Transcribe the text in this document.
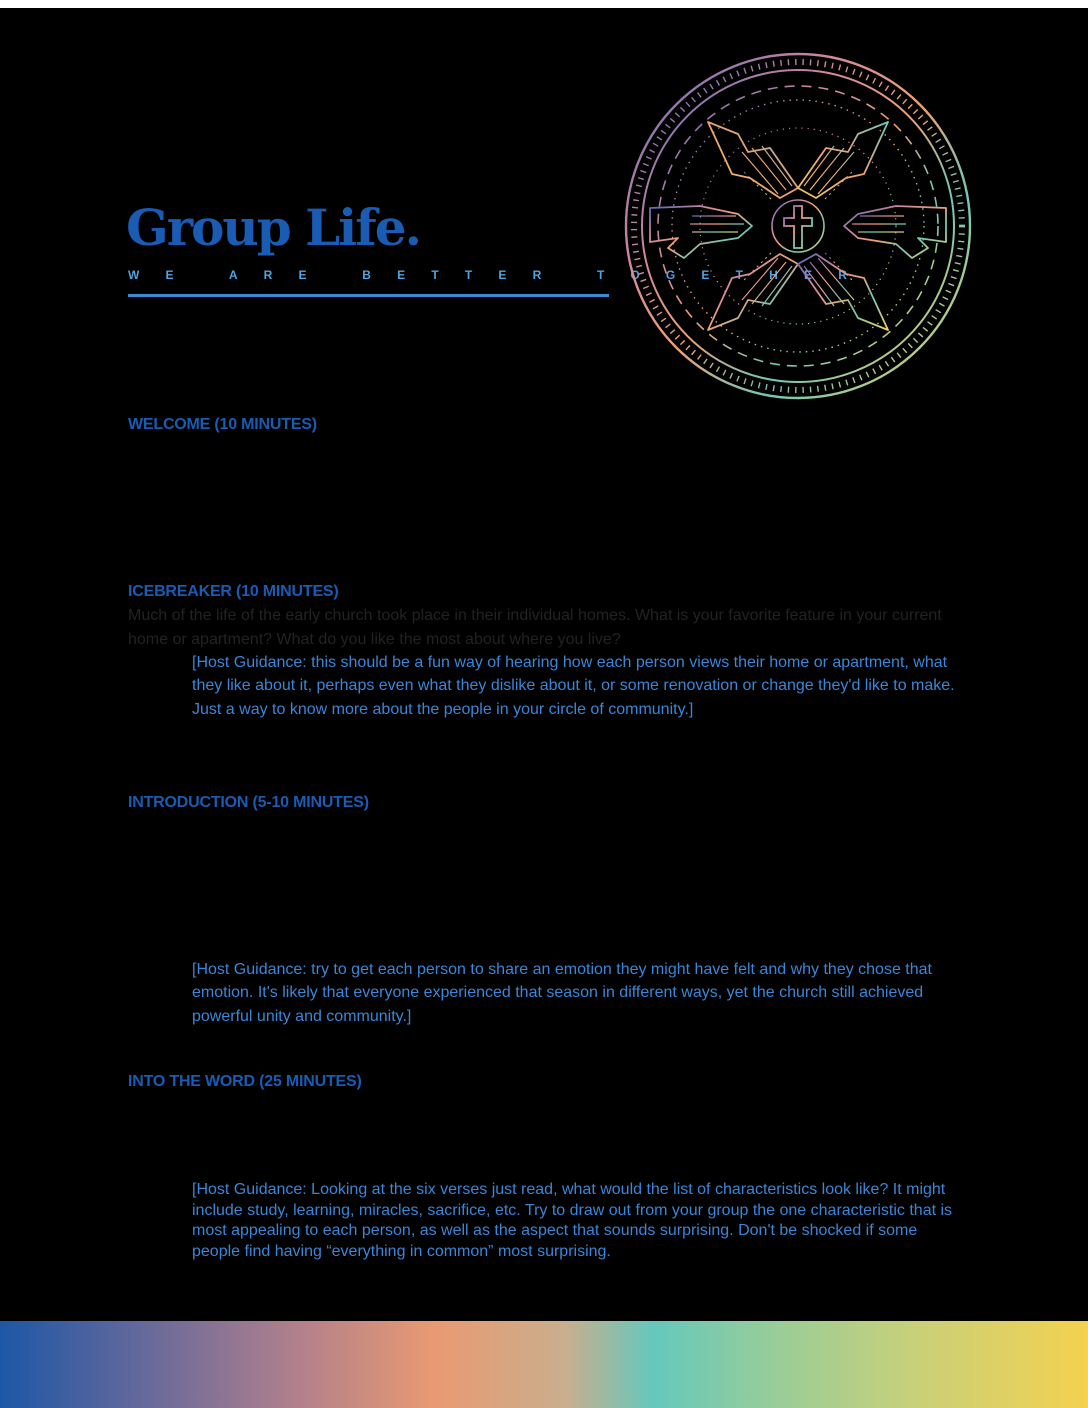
Group Life.

WE ARE BETTER TOGETHER

WELCOME (10 MINUTES)
ICEBREAKER (10 MINUTES)

Much of the life of the early church took place in their individual homes. What is your favorite feature in your current home or apartment? What do you like the most about where you live?

[Host Guidance: this should be a fun way of hearing how each person views their home or apartment, what they like about it, perhaps even what they dislike about it, or some renovation or change they'd like to make. Just a way to know more about the people in your circle of community.]

INTRODUCTION (5-10 MINUTES)

[Host Guidance: try to get each person to share an emotion they might have felt and why they chose that emotion. It's likely that everyone experienced that season in different ways, yet the church still achieved powerful unity and community.]

INTO THE WORD (25 MINUTES)

[Host Guidance: Looking at the six verses just read, what would the list of characteristics look like? It might include study, learning, miracles, sacrifice, etc. Try to draw out from your group the one characteristic that is most appealing to each person, as well as the aspect that sounds surprising. Don't be shocked if some people find having “everything in common” most surprising.
